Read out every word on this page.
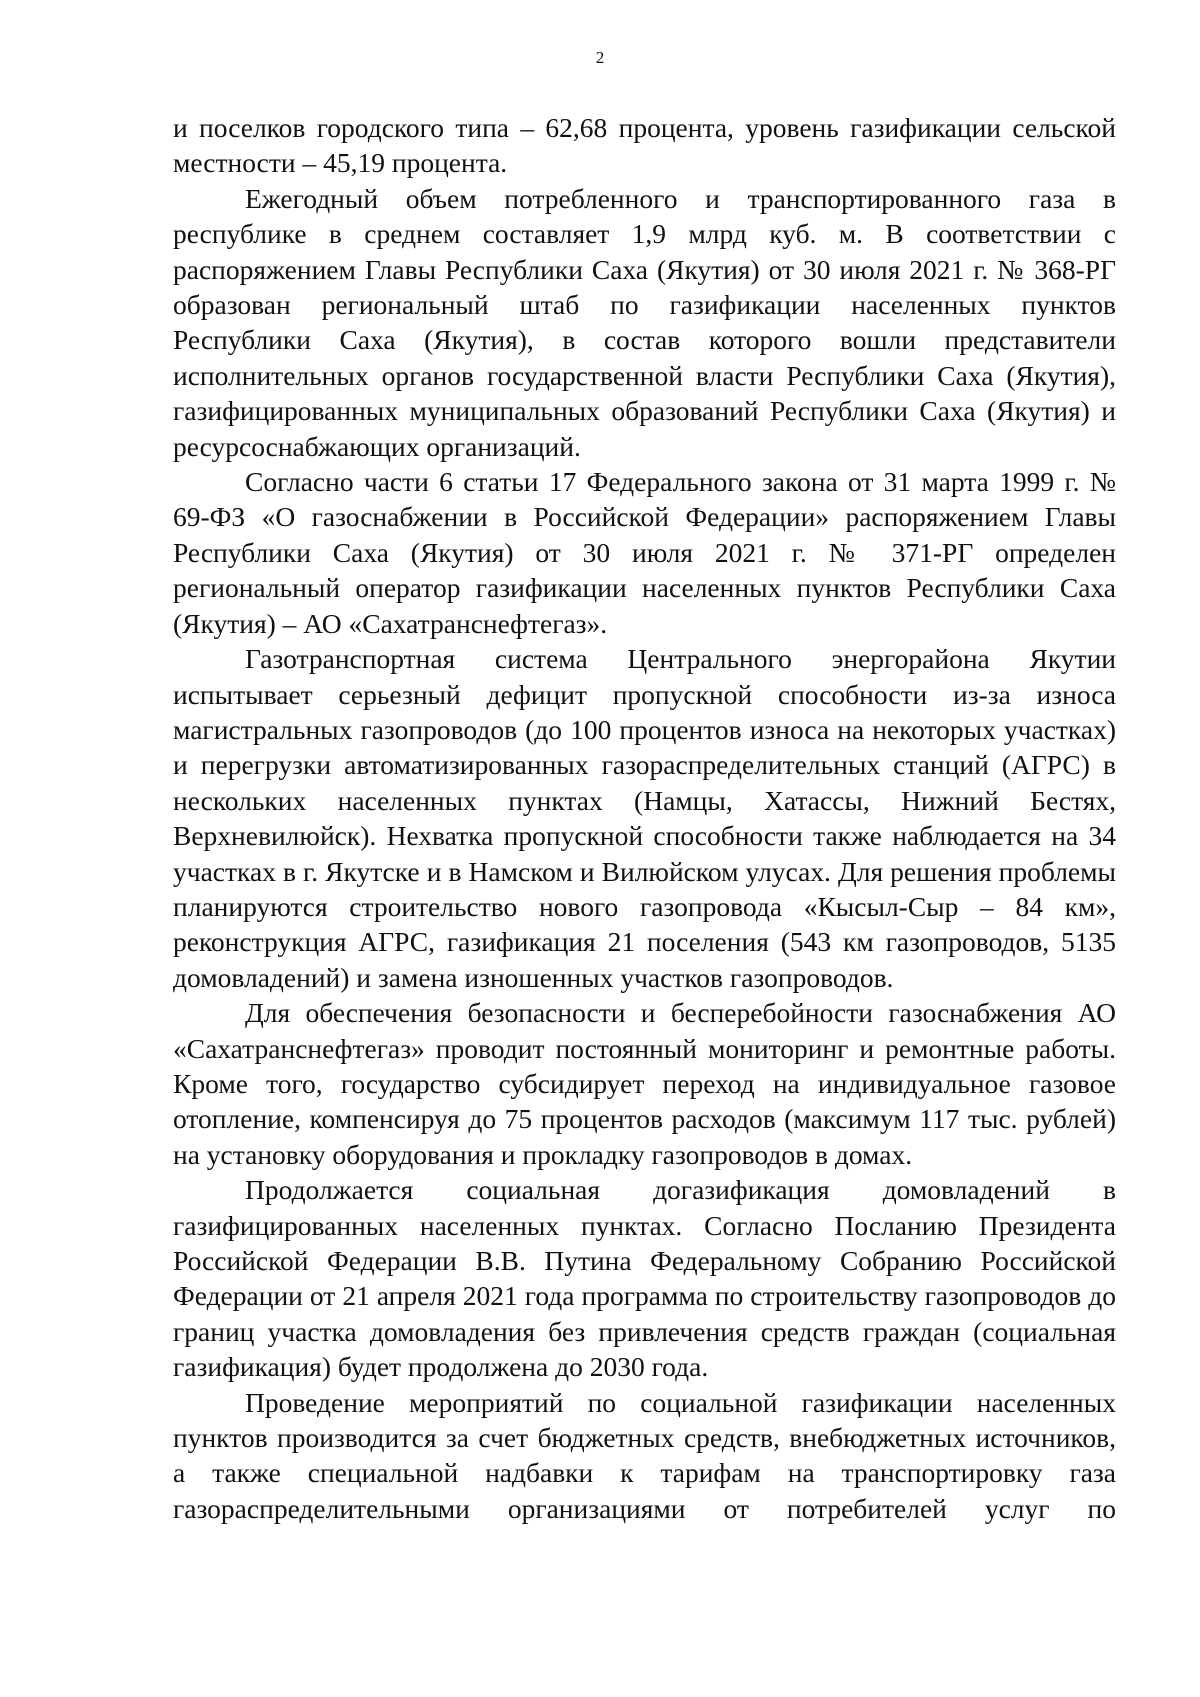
2

и поселков городского типа – 62,68 процента, уровень газификации сельской местности – 45,19 процента.

Ежегодный объем потребленного и транспортированного газа в республике в среднем составляет 1,9 млрд куб. м. В соответствии с распоряжением Главы Республики Саха (Якутия) от 30 июля 2021 г. № 368-РГ образован региональный штаб по газификации населенных пунктов Республики Саха (Якутия), в состав которого вошли представители исполнительных органов государственной власти Республики Саха (Якутия), газифицированных муниципальных образований Республики Саха (Якутия) и ресурсоснабжающих организаций.

Согласно части 6 статьи 17 Федерального закона от 31 марта 1999 г. № 69-ФЗ «О газоснабжении в Российской Федерации» распоряжением Главы Республики Саха (Якутия) от 30 июля 2021 г. № 371-РГ определен региональный оператор газификации населенных пунктов Республики Саха (Якутия) – АО «Сахатранснефтегаз».

Газотранспортная система Центрального энергорайона Якутии испытывает серьезный дефицит пропускной способности из-за износа магистральных газопроводов (до 100 процентов износа на некоторых участках) и перегрузки автоматизированных газораспределительных станций (АГРС) в нескольких населенных пунктах (Намцы, Хатассы, Нижний Бестях, Верхневилюйск). Нехватка пропускной способности также наблюдается на 34 участках в г. Якутске и в Намском и Вилюйском улусах. Для решения проблемы планируются строительство нового газопровода «Кысыл-Сыр – 84 км», реконструкция АГРС, газификация 21 поселения (543 км газопроводов, 5135 домовладений) и замена изношенных участков газопроводов.

Для обеспечения безопасности и бесперебойности газоснабжения АО «Сахатранснефтегаз» проводит постоянный мониторинг и ремонтные работы. Кроме того, государство субсидирует переход на индивидуальное газовое отопление, компенсируя до 75 процентов расходов (максимум 117 тыс. рублей) на установку оборудования и прокладку газопроводов в домах.

Продолжается социальная догазификация домовладений в газифицированных населенных пунктах. Согласно Посланию Президента Российской Федерации В.В. Путина Федеральному Собранию Российской Федерации от 21 апреля 2021 года программа по строительству газопроводов до границ участка домовладения без привлечения средств граждан (социальная газификация) будет продолжена до 2030 года.

Проведение мероприятий по социальной газификации населенных пунктов производится за счет бюджетных средств, внебюджетных источников, а также специальной надбавки к тарифам на транспортировку газа газораспределительными организациями от потребителей услуг по
